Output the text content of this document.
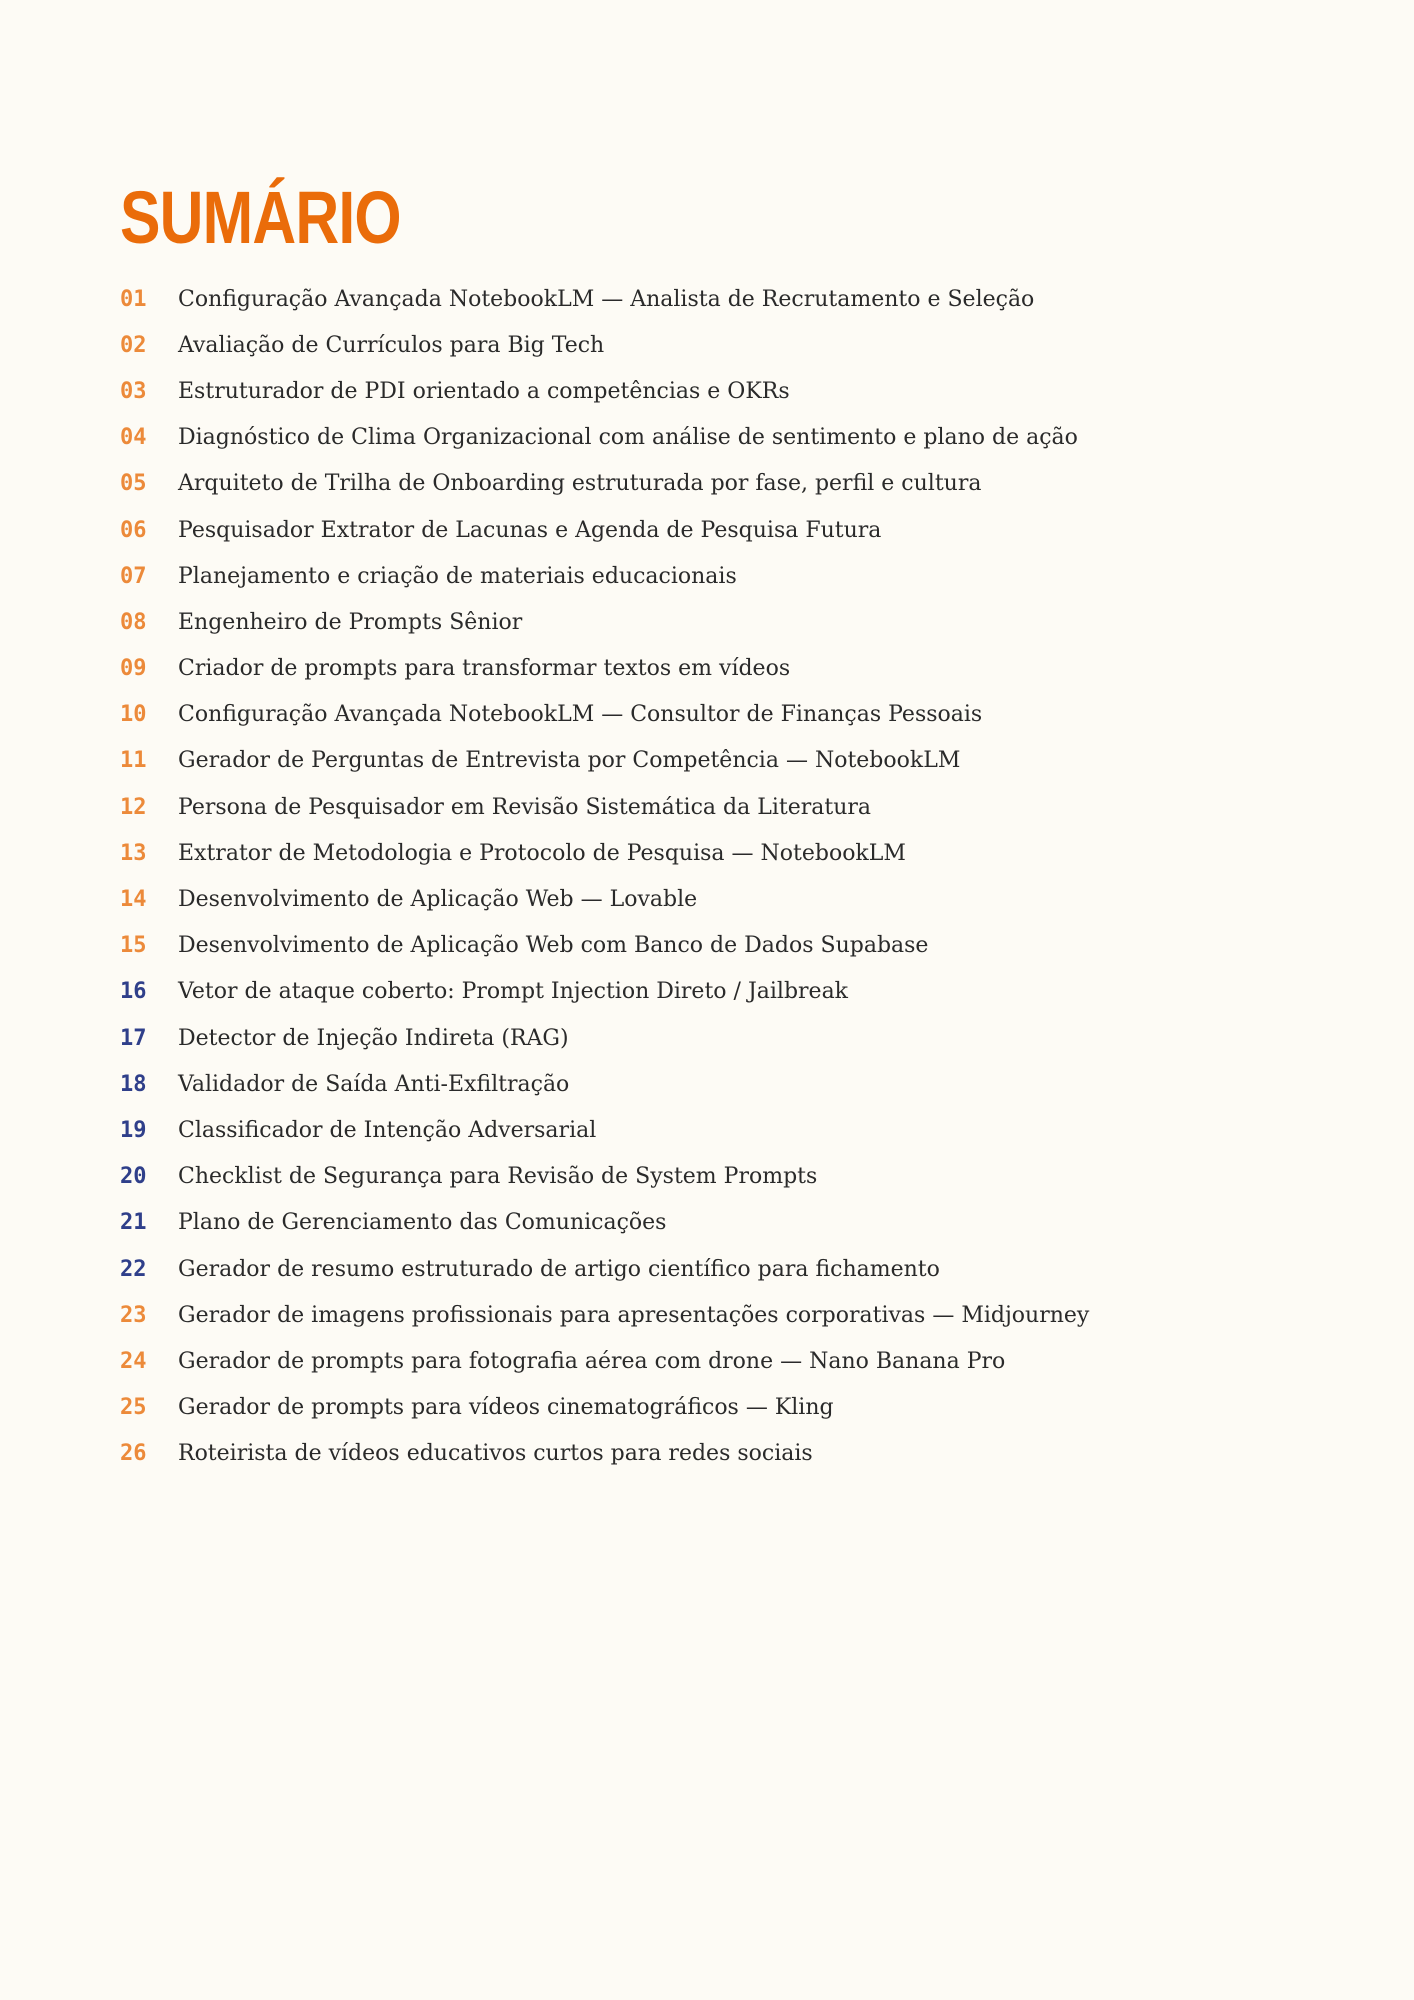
SUMÁRIO
01	Configuração Avançada NotebookLM — Analista de Recrutamento e Seleção
02	Avaliação de Currículos para Big Tech
03	Estruturador de PDI orientado a competências e OKRs
04	Diagnóstico de Clima Organizacional com análise de sentimento e plano de ação
05	Arquiteto de Trilha de Onboarding estruturada por fase, perfil e cultura
06	Pesquisador Extrator de Lacunas e Agenda de Pesquisa Futura
07	Planejamento e criação de materiais educacionais
08	Engenheiro de Prompts Sênior
09	Criador de prompts para transformar textos em vídeos
10	Configuração Avançada NotebookLM — Consultor de Finanças Pessoais
11	Gerador de Perguntas de Entrevista por Competência — NotebookLM
12	Persona de Pesquisador em Revisão Sistemática da Literatura
13	Extrator de Metodologia e Protocolo de Pesquisa — NotebookLM
14	Desenvolvimento de Aplicação Web — Lovable
15	Desenvolvimento de Aplicação Web com Banco de Dados Supabase
16	Vetor de ataque coberto: Prompt Injection Direto / Jailbreak
17	Detector de Injeção Indireta (RAG)
18	Validador de Saída Anti-Exfiltração
19	Classificador de Intenção Adversarial
20	Checklist de Segurança para Revisão de System Prompts
21	Plano de Gerenciamento das Comunicações
22	Gerador de resumo estruturado de artigo científico para fichamento
23	Gerador de imagens profissionais para apresentações corporativas — Midjourney
24	Gerador de prompts para fotografia aérea com drone — Nano Banana Pro
25	Gerador de prompts para vídeos cinematográficos — Kling
26	Roteirista de vídeos educativos curtos para redes sociais
